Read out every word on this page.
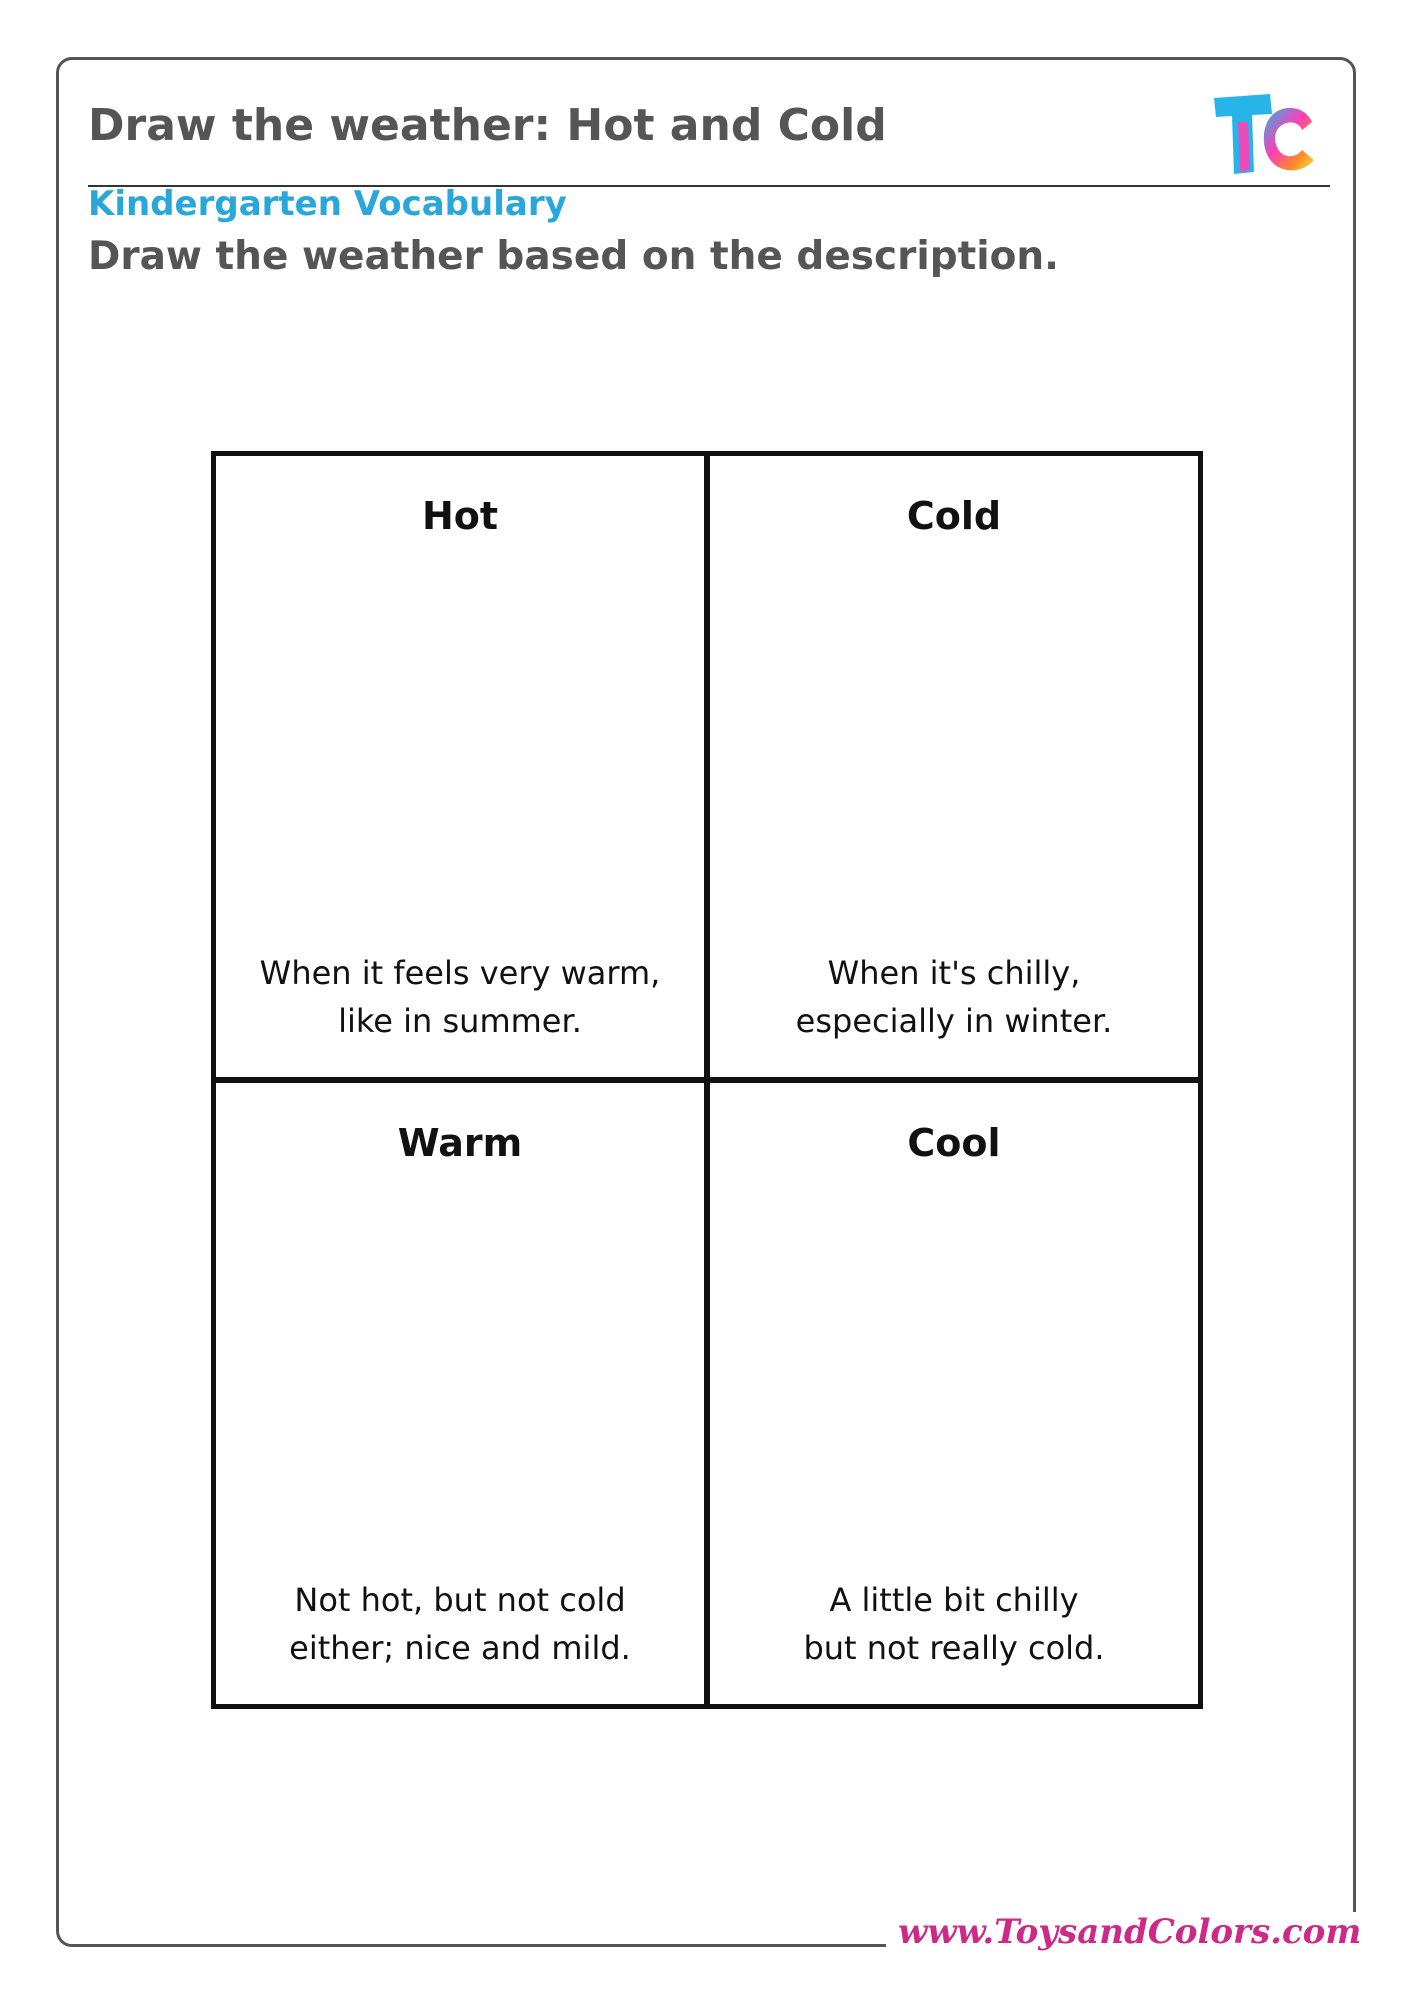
Draw the weather: Hot and Cold
Kindergarten Vocabulary
Draw the weather based on the description.
Hot
When it feels very warm,
like in summer.
Cold
When it's chilly,
especially in winter.
Warm
Not hot, but not cold
either; nice and mild.
Cool
A little bit chilly
but not really cold.
www.ToysandColors.com
